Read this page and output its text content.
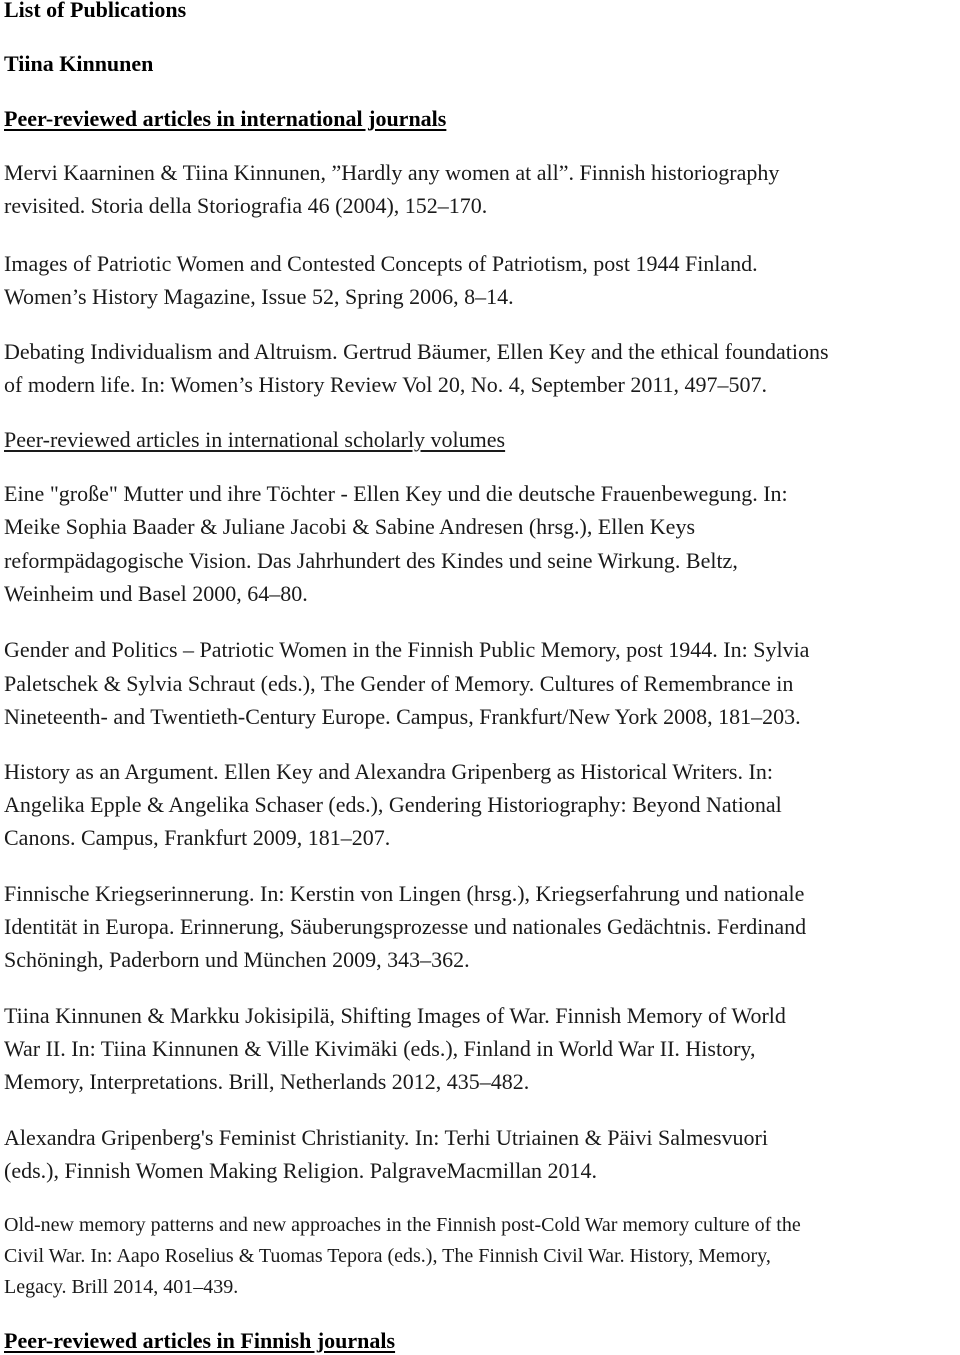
List of Publications

Tiina Kinnunen

Peer-reviewed articles in international journals

Mervi Kaarninen & Tiina Kinnunen, ”Hardly any women at all”. Finnish historiography

revisited. Storia della Storiografia 46 (2004), 152–170.

Images of Patriotic Women and Contested Concepts of Patriotism, post 1944 Finland.

Women’s History Magazine, Issue 52, Spring 2006, 8–14.

Debating Individualism and Altruism. Gertrud Bäumer, Ellen Key and the ethical foundations

of modern life. In: Women’s History Review Vol 20, No. 4, September 2011, 497–507.

Peer-reviewed articles in international scholarly volumes

Eine "große" Mutter und ihre Töchter - Ellen Key und die deutsche Frauenbewegung. In:

Meike Sophia Baader & Juliane Jacobi & Sabine Andresen (hrsg.), Ellen Keys

reformpädagogische Vision. Das Jahrhundert des Kindes und seine Wirkung. Beltz,

Weinheim und Basel 2000, 64–80.

Gender and Politics – Patriotic Women in the Finnish Public Memory, post 1944. In: Sylvia

Paletschek & Sylvia Schraut (eds.), The Gender of Memory. Cultures of Remembrance in

Nineteenth- and Twentieth-Century Europe. Campus, Frankfurt/New York 2008, 181–203.

History as an Argument. Ellen Key and Alexandra Gripenberg as Historical Writers. In:

Angelika Epple & Angelika Schaser (eds.), Gendering Historiography: Beyond National

Canons. Campus, Frankfurt 2009, 181–207.

Finnische Kriegserinnerung. In: Kerstin von Lingen (hrsg.), Kriegserfahrung und nationale

Identität in Europa. Erinnerung, Säuberungsprozesse und nationales Gedächtnis. Ferdinand

Schöningh, Paderborn und München 2009, 343–362.

Tiina Kinnunen & Markku Jokisipilä, Shifting Images of War. Finnish Memory of World

War II. In: Tiina Kinnunen & Ville Kivimäki (eds.), Finland in World War II. History,

Memory, Interpretations. Brill, Netherlands 2012, 435–482.

Alexandra Gripenberg's Feminist Christianity. In: Terhi Utriainen & Päivi Salmesvuori

(eds.), Finnish Women Making Religion. PalgraveMacmillan 2014.

Old-new memory patterns and new approaches in the Finnish post-Cold War memory culture of the

Civil War. In: Aapo Roselius & Tuomas Tepora (eds.), The Finnish Civil War. History, Memory,

Legacy. Brill 2014, 401–439.

Peer-reviewed articles in Finnish journals
